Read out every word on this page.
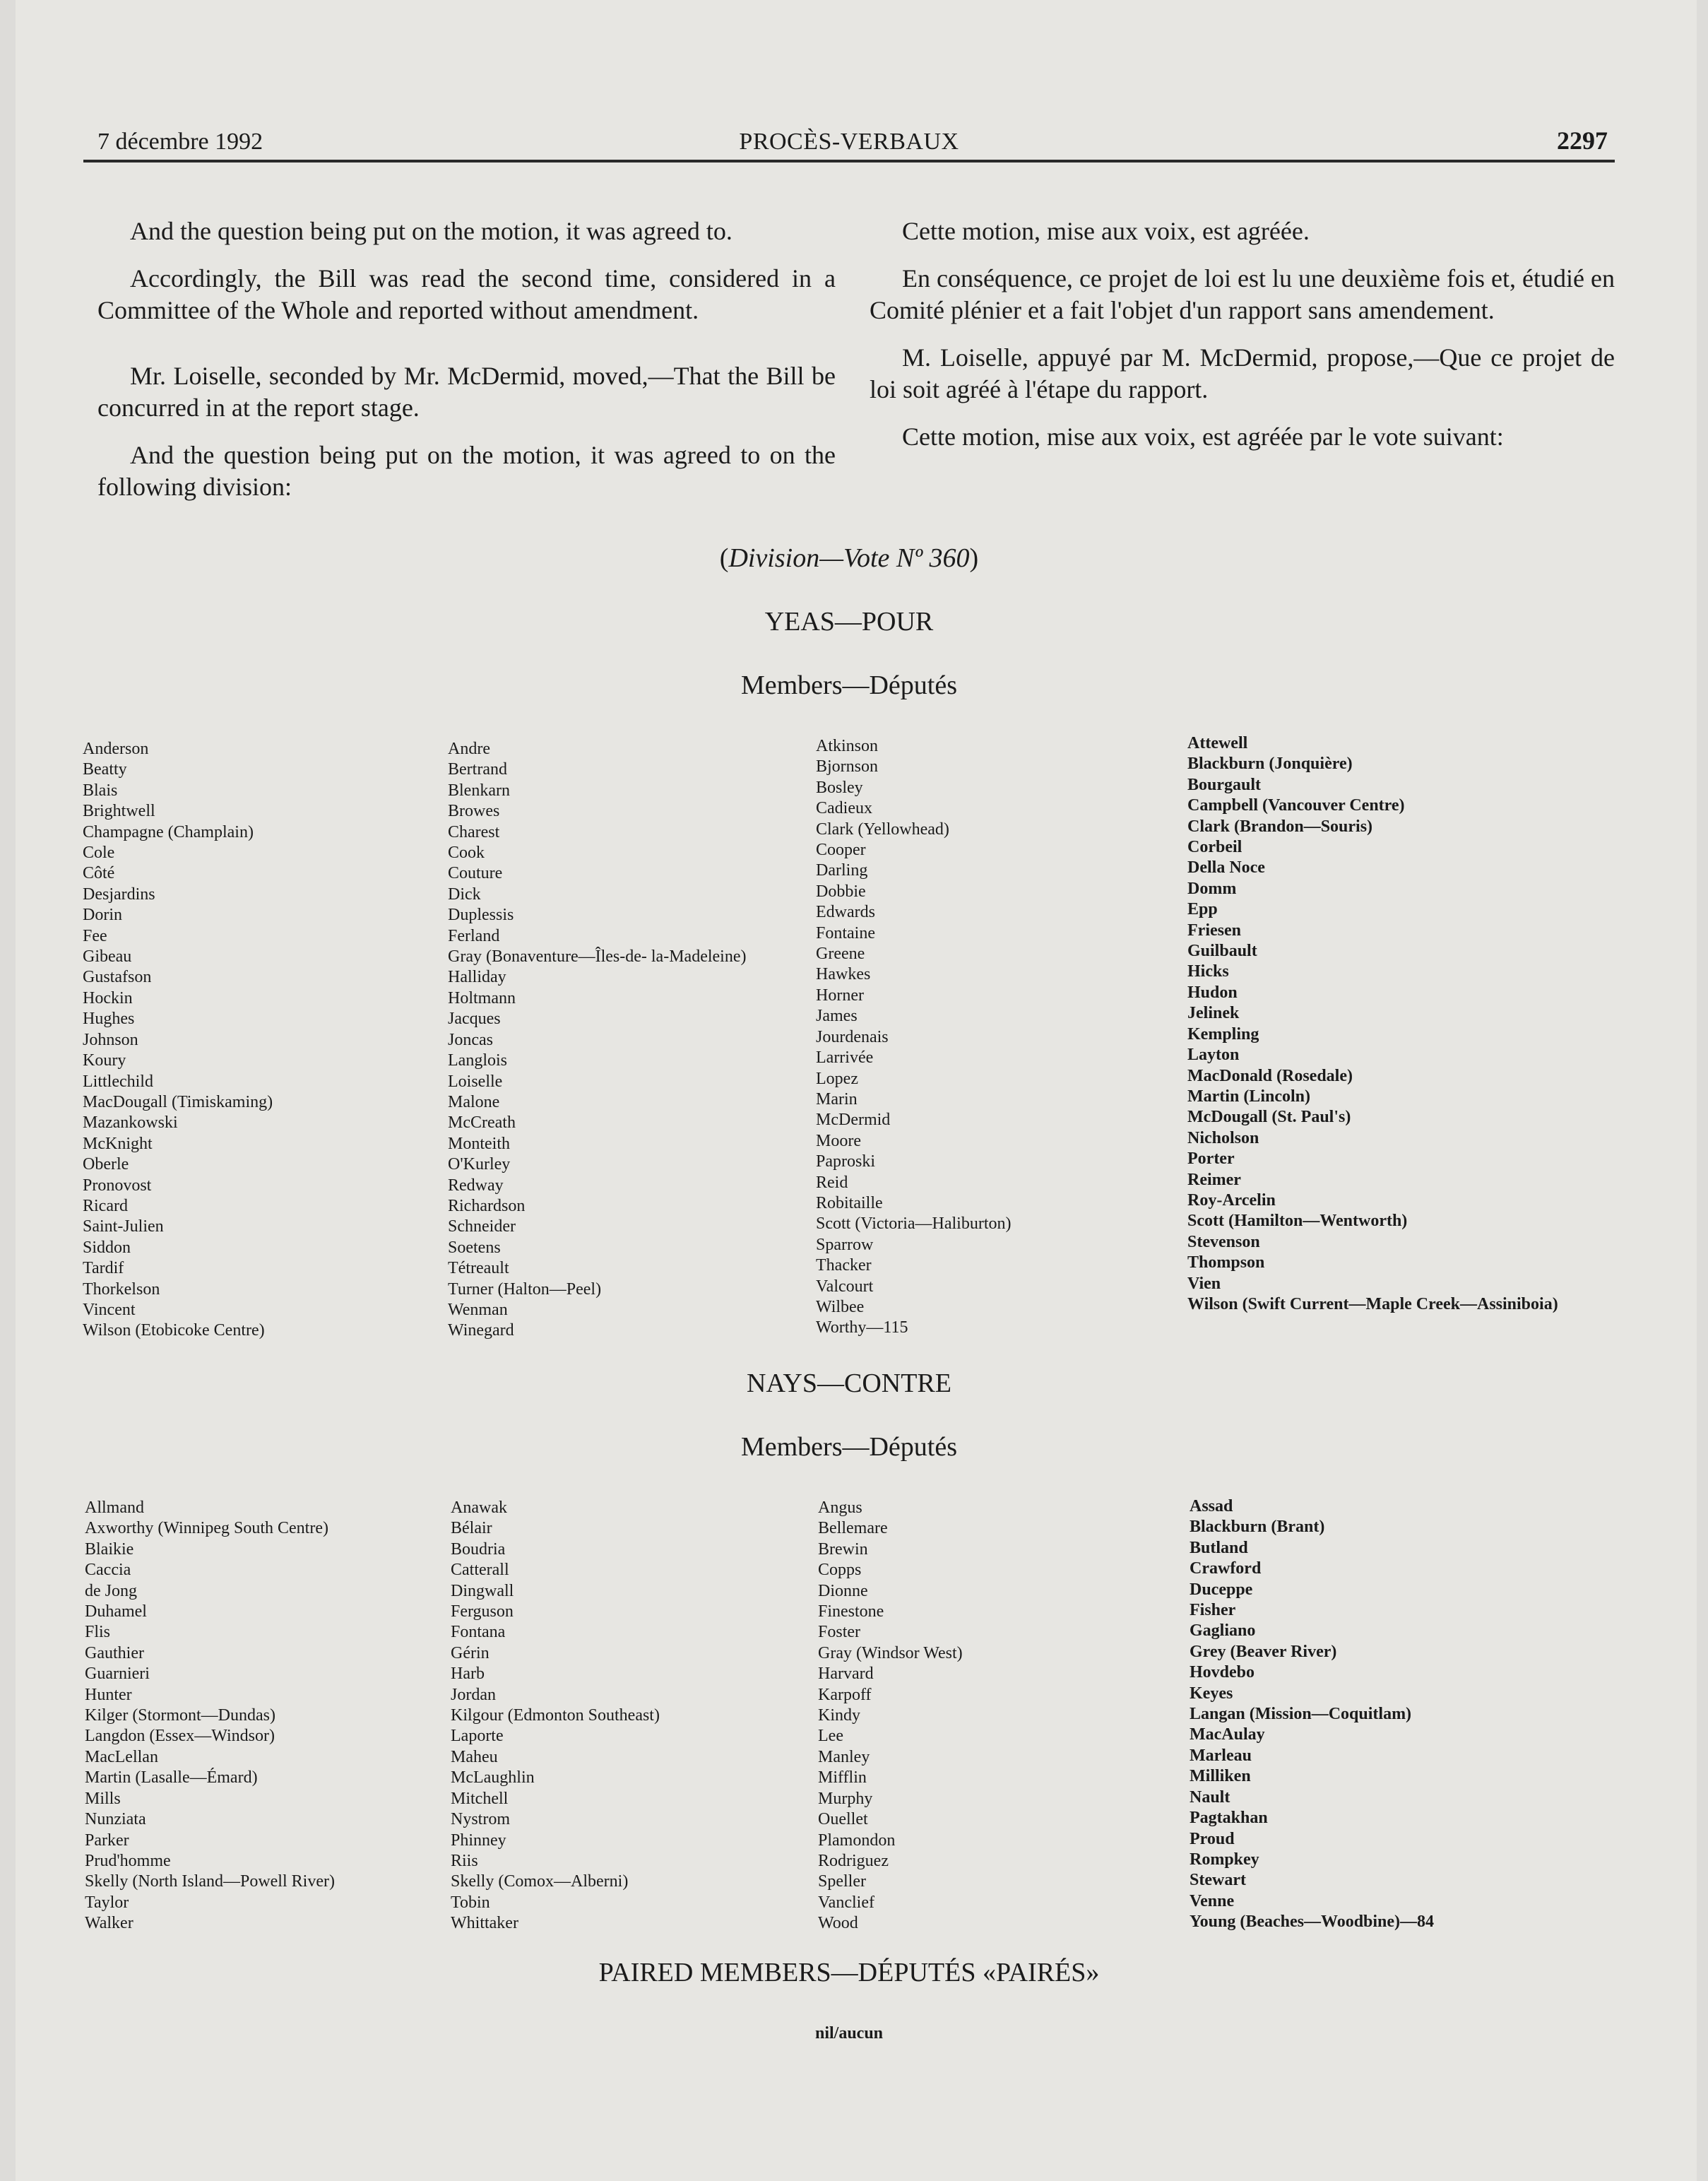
7 décembre 1992	PROCÈS-VERBAUX	2297

And the question being put on the motion, it was agreed to.

Accordingly, the Bill was read the second time, considered in a Committee of the Whole and reported without amendment.

Mr. Loiselle, seconded by Mr. McDermid, moved,—That the Bill be concurred in at the report stage.

And the question being put on the motion, it was agreed to on the following division:

Cette motion, mise aux voix, est agréée.

En conséquence, ce projet de loi est lu une deuxième fois et, étudié en Comité plénier et a fait l'objet d'un rapport sans amendement.

M. Loiselle, appuyé par M. McDermid, propose,—Que ce projet de loi soit agréé à l'étape du rapport.

Cette motion, mise aux voix, est agréée par le vote suivant:

(Division—Vote Nº 360)
YEAS—POUR
Members—Députés
Anderson
Beatty
Blais
Brightwell
Champagne (Champlain)
Cole
Côté
Desjardins
Dorin
Fee
Gibeau
Gustafson
Hockin
Hughes
Johnson
Koury
Littlechild
MacDougall (Timiskaming)
Mazankowski
McKnight
Oberle
Pronovost
Ricard
Saint-Julien
Siddon
Tardif
Thorkelson
Vincent
Wilson (Etobicoke Centre)
Andre
Bertrand
Blenkarn
Browes
Charest
Cook
Couture
Dick
Duplessis
Ferland
Gray (Bonaventure—Îles-de- la-Madeleine)
Halliday
Holtmann
Jacques
Joncas
Langlois
Loiselle
Malone
McCreath
Monteith
O'Kurley
Redway
Richardson
Schneider
Soetens
Tétreault
Turner (Halton—Peel)
Wenman
Winegard
Atkinson
Bjornson
Bosley
Cadieux
Clark (Yellowhead)
Cooper
Darling
Dobbie
Edwards
Fontaine
Greene
Hawkes
Horner
James
Jourdenais
Larrivée
Lopez
Marin
McDermid
Moore
Paproski
Reid
Robitaille
Scott (Victoria—Haliburton)
Sparrow
Thacker
Valcourt
Wilbee
Worthy—115
Attewell
Blackburn (Jonquière)
Bourgault
Campbell (Vancouver Centre)
Clark (Brandon—Souris)
Corbeil
Della Noce
Domm
Epp
Friesen
Guilbault
Hicks
Hudon
Jelinek
Kempling
Layton
MacDonald (Rosedale)
Martin (Lincoln)
McDougall (St. Paul's)
Nicholson
Porter
Reimer
Roy-Arcelin
Scott (Hamilton—Wentworth)
Stevenson
Thompson
Vien
Wilson (Swift Current—Maple Creek—Assiniboia)
NAYS—CONTRE
Members—Députés
Allmand
Axworthy (Winnipeg South Centre)
Blaikie
Caccia
de Jong
Duhamel
Flis
Gauthier
Guarnieri
Hunter
Kilger (Stormont—Dundas)
Langdon (Essex—Windsor)
MacLellan
Martin (Lasalle—Émard)
Mills
Nunziata
Parker
Prud'homme
Skelly (North Island—Powell River)
Taylor
Walker
Anawak
Bélair
Boudria
Catterall
Dingwall
Ferguson
Fontana
Gérin
Harb
Jordan
Kilgour (Edmonton Southeast)
Laporte
Maheu
McLaughlin
Mitchell
Nystrom
Phinney
Riis
Skelly (Comox—Alberni)
Tobin
Whittaker
Angus
Bellemare
Brewin
Copps
Dionne
Finestone
Foster
Gray (Windsor West)
Harvard
Karpoff
Kindy
Lee
Manley
Mifflin
Murphy
Ouellet
Plamondon
Rodriguez
Speller
Vanclief
Wood
Assad
Blackburn (Brant)
Butland
Crawford
Duceppe
Fisher
Gagliano
Grey (Beaver River)
Hovdebo
Keyes
Langan (Mission—Coquitlam)
MacAulay
Marleau
Milliken
Nault
Pagtakhan
Proud
Rompkey
Stewart
Venne
Young (Beaches—Woodbine)—84
PAIRED MEMBERS—DÉPUTÉS «PAIRÉS»
nil/aucun
